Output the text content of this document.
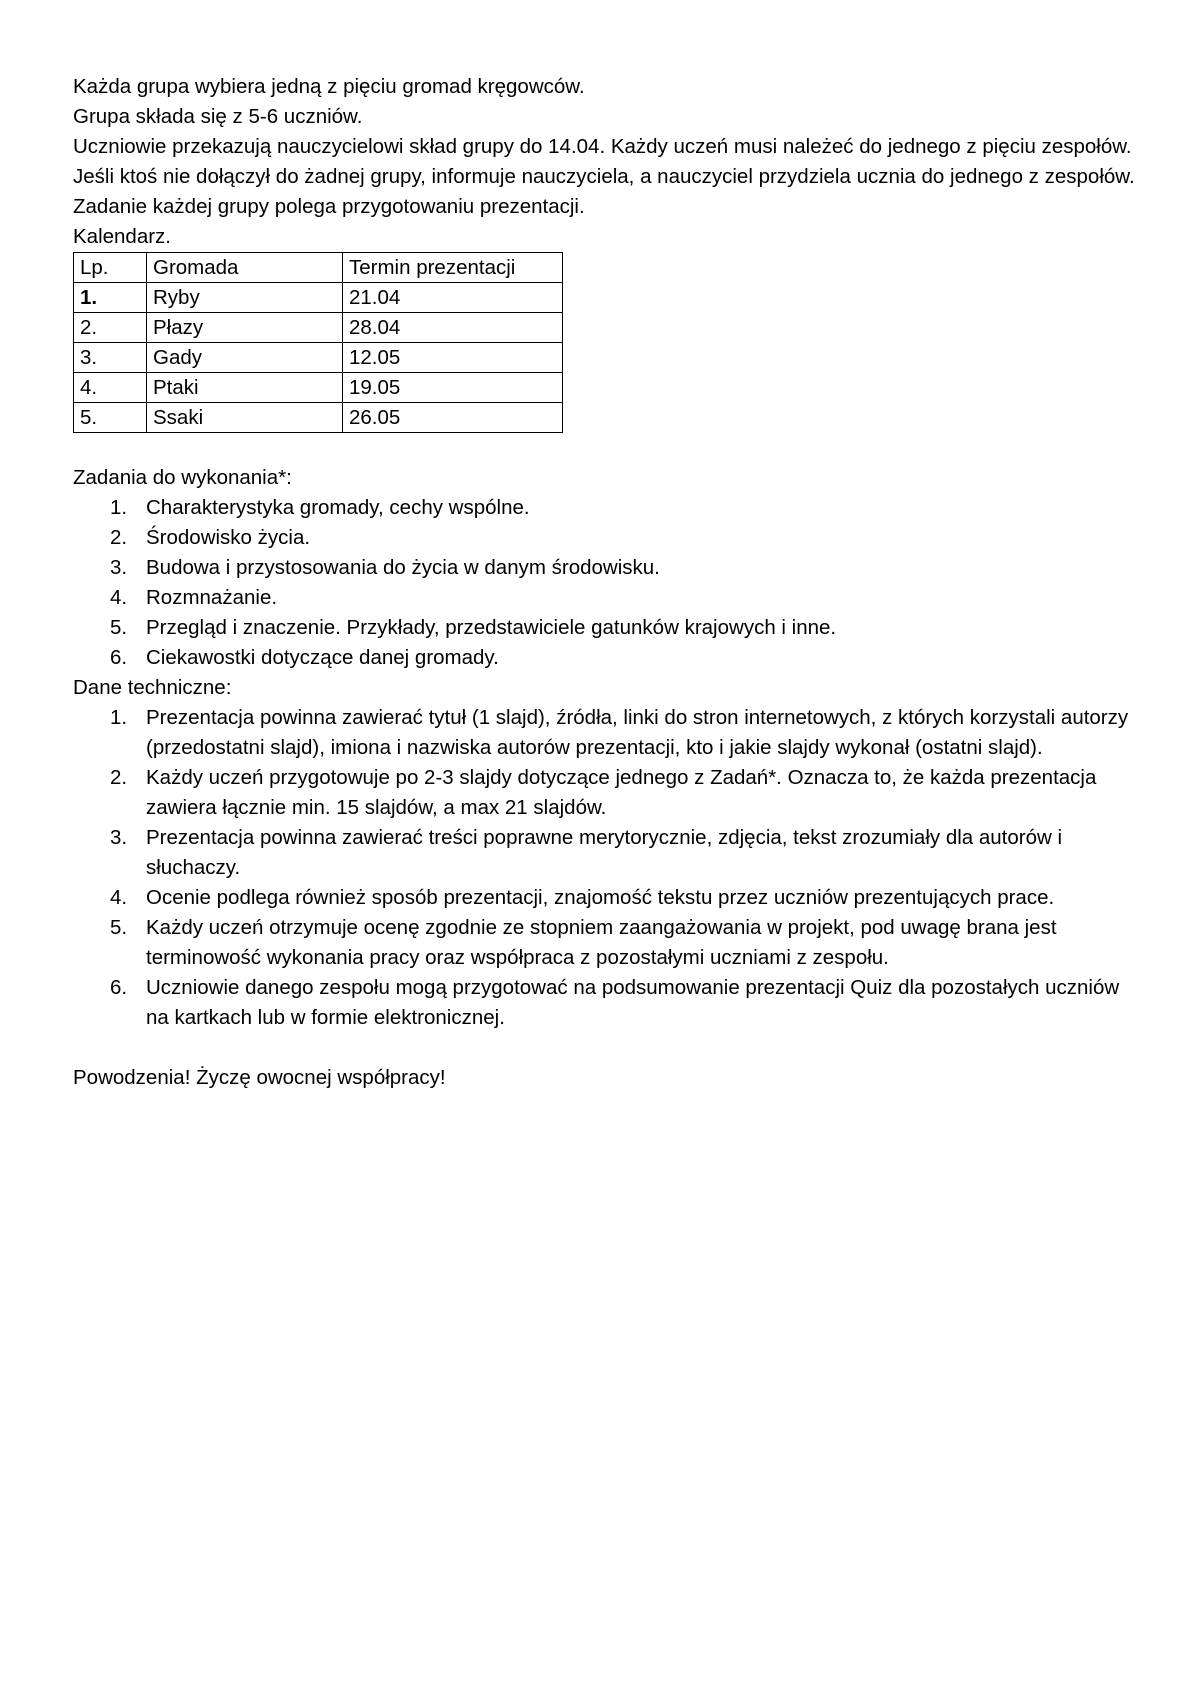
Każda grupa wybiera jedną z pięciu gromad kręgowców.

Grupa składa się z 5-6 uczniów.

Uczniowie przekazują nauczycielowi skład grupy do 14.04. Każdy uczeń musi należeć do jednego z pięciu zespołów. Jeśli ktoś nie dołączył do żadnej grupy, informuje nauczyciela, a nauczyciel przydziela ucznia do jednego z zespołów.

Zadanie każdej grupy polega przygotowaniu prezentacji.

Kalendarz.

Lp.	Gromada	Termin prezentacji
1.	Ryby	21.04
2.	Płazy	28.04
3.	Gady	12.05
4.	Ptaki	19.05
5.	Ssaki	26.05

Zadania do wykonania*:

1. Charakterystyka gromady, cechy wspólne.
2. Środowisko życia.
3. Budowa i przystosowania do życia w danym środowisku.
4. Rozmnażanie.
5. Przegląd i znaczenie. Przykłady, przedstawiciele gatunków krajowych i inne.
6. Ciekawostki dotyczące danej gromady.

Dane techniczne:

1. Prezentacja powinna zawierać tytuł (1 slajd), źródła, linki do stron internetowych, z których korzystali autorzy (przedostatni slajd), imiona i nazwiska autorów prezentacji, kto i jakie slajdy wykonał (ostatni slajd).
2. Każdy uczeń przygotowuje po 2-3 slajdy dotyczące jednego z Zadań*. Oznacza to, że każda prezentacja zawiera łącznie min. 15 slajdów, a max 21 slajdów.
3. Prezentacja powinna zawierać treści poprawne merytorycznie, zdjęcia, tekst zrozumiały dla autorów i słuchaczy.
4. Ocenie podlega również sposób prezentacji, znajomość tekstu przez uczniów prezentujących prace.
5. Każdy uczeń otrzymuje ocenę zgodnie ze stopniem zaangażowania w projekt, pod uwagę brana jest terminowość wykonania pracy oraz współpraca z pozostałymi uczniami z zespołu.
6. Uczniowie danego zespołu mogą przygotować na podsumowanie prezentacji Quiz dla pozostałych uczniów na kartkach lub w formie elektronicznej.

Powodzenia! Życzę owocnej współpracy!
